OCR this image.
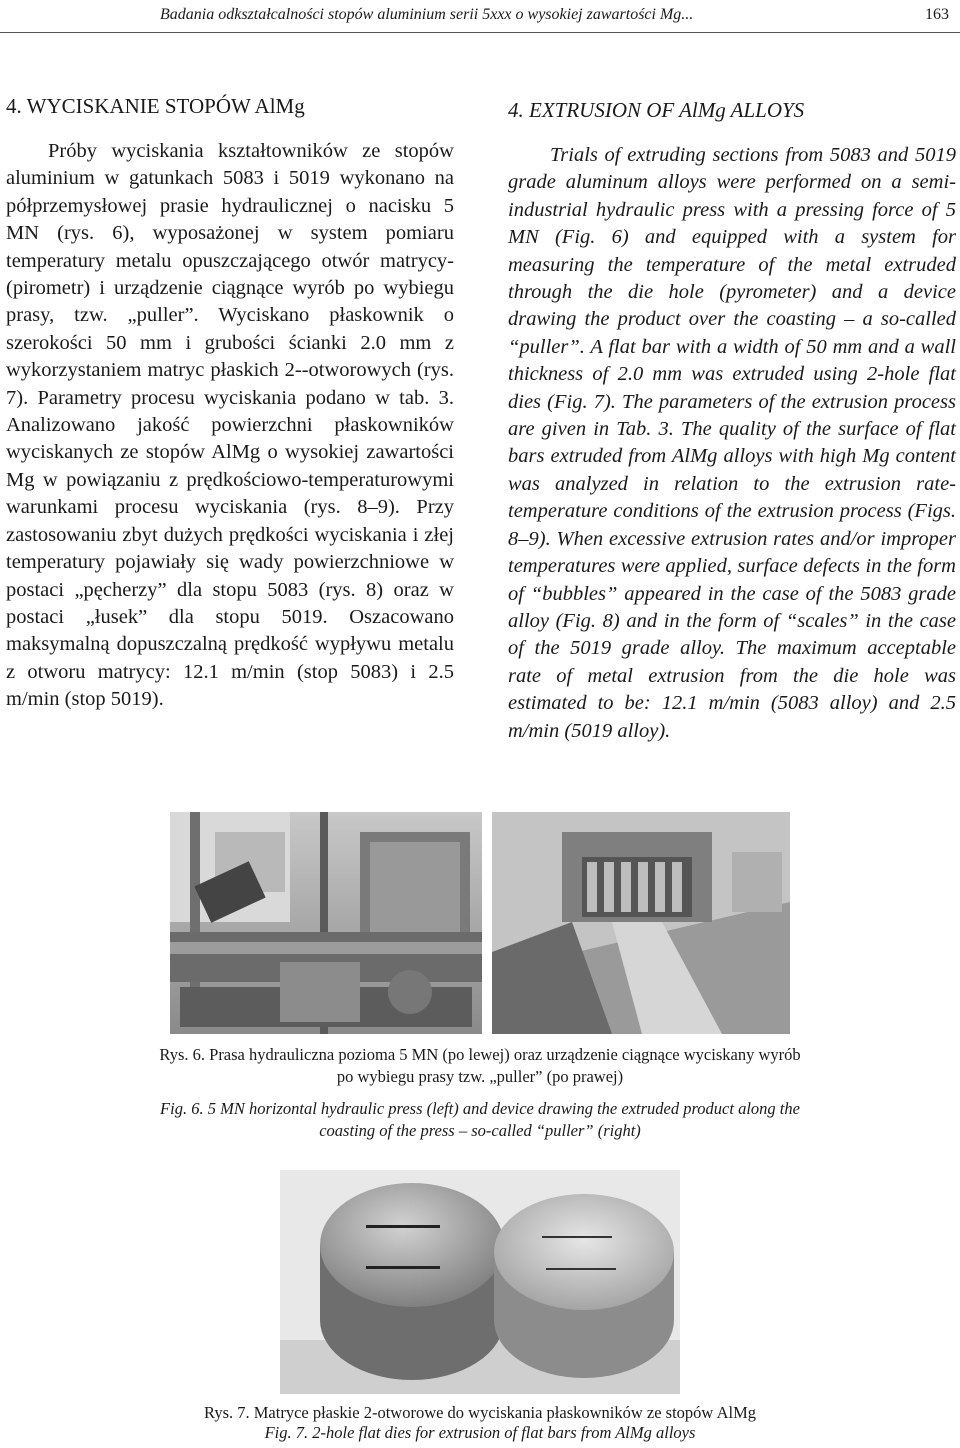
Badania odkształcalności stopów aluminium serii 5xxx o wysokiej zawartości Mg...	163
4. WYCISKANIE STOPÓW AlMg

Próby wyciskania kształtowników ze stopów aluminium w gatunkach 5083 i 5019 wykonano na półprzemysłowej prasie hydraulicznej o nacisku 5 MN (rys. 6), wyposażonej w system pomiaru temperatury metalu opuszczającego otwór matrycy-(pirometr) i urządzenie ciągnące wyrób po wybiegu prasy, tzw. „puller”. Wyciskano płaskownik o szerokości 50 mm i grubości ścianki 2.0 mm z wykorzystaniem matryc płaskich 2--otworowych (rys. 7). Parametry procesu wyciskania podano w tab. 3. Analizowano jakość powierzchni płaskowników wyciskanych ze stopów AlMg o wysokiej zawartości Mg w powiązaniu z prędkościowo-temperaturowymi warunkami procesu wyciskania (rys. 8–9). Przy zastosowaniu zbyt dużych prędkości wyciskania i złej temperatury pojawiały się wady powierzchniowe w postaci „pęcherzy” dla stopu 5083 (rys. 8) oraz w postaci „łusek” dla stopu 5019. Oszacowano maksymalną dopuszczalną prędkość wypływu metalu z otworu matrycy: 12.1 m/min (stop 5083) i 2.5 m/min (stop 5019).

4. EXTRUSION OF AlMg ALLOYS

Trials of extruding sections from 5083 and 5019 grade aluminum alloys were performed on a semi-industrial hydraulic press with a pressing force of 5 MN (Fig. 6) and equipped with a system for measuring the temperature of the metal extruded through the die hole (pyrometer) and a device drawing the product over the coasting – a so-called “puller”. A flat bar with a width of 50 mm and a wall thickness of 2.0 mm was extruded using 2-hole flat dies (Fig. 7). The parameters of the extrusion process are given in Tab. 3. The quality of the surface of flat bars extruded from AlMg alloys with high Mg content was analyzed in relation to the extrusion rate-temperature conditions of the extrusion process (Figs. 8–9). When excessive extrusion rates and/or improper temperatures were applied, surface defects in the form of “bubbles” appeared in the case of the 5083 grade alloy (Fig. 8) and in the form of “scales” in the case of the 5019 grade alloy. The maximum acceptable rate of metal extrusion from the die hole was estimated to be: 12.1 m/min (5083 alloy) and 2.5 m/min (5019 alloy).

Rys. 6. Prasa hydrauliczna pozioma 5 MN (po lewej) oraz urządzenie ciągnące wyciskany wyrób po wybiegu prasy tzw. „puller” (po prawej)
Fig. 6. 5 MN horizontal hydraulic press (left) and device drawing the extruded product along the coasting of the press – so-called “puller” (right)
Rys. 7. Matryce płaskie 2-otworowe do wyciskania płaskowników ze stopów AlMg
Fig. 7. 2-hole flat dies for extrusion of flat bars from AlMg alloys
